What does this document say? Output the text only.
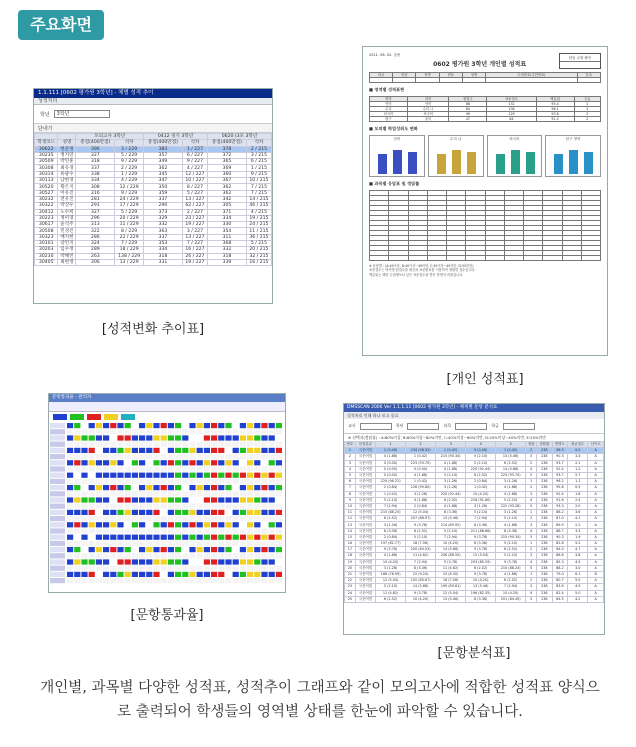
주요화면
1.1.111 [0602 평가원 3학년] - 체별 성적 추이
성적처리
학년	3학년
단내기
		모의고사 3학년		0412 경기 3학년		0620 (3모 3학년	
학생코드	성명	총점(400만점)	석차	총점(400만점)	석차	총점(400만점)	석차
30622	현준정	396	3 / 229	383	1 / 227	378	2 / 215
30235	정지연	327	5 / 229	357	6 / 227	372	3 / 215
30509	박민훈	318	9 / 229	349	9 / 227	365	6 / 215
30308	최유경	337	2 / 229	362	4 / 227	369	1 / 215
30314	류광수	338	1 / 229	345	12 / 227	360	9 / 215
30113	남현경	334	4 / 229	347	10 / 227	367	10 / 215
30520	황은지	308	12 / 229	350	8 / 227	362	7 / 215
30527	이유진	316	9 / 229	359	5 / 227	362	7 / 215
30232	전유진	281	24 / 229	337	13 / 227	342	14 / 215
30322	박진우	291	17 / 229	290	62 / 227	305	46 / 215
30412	노수희	327	5 / 229	373	2 / 227	371	4 / 215
30223	정미경	296	20 / 229	329	23 / 227	334	19 / 215
30617	윤석주	313	11 / 229	332	19 / 227	330	24 / 215
30508	민경진	322	8 / 229	363	3 / 227	354	11 / 215
30323	배지현	286	22 / 229	337	13 / 227	311	36 / 215
30101	강민지	324	7 / 229	353	7 / 227	368	5 / 215
30203	임수정	289	18 / 229	334	16 / 227	332	20 / 215
30230	박혜빈	263	138 / 229	318	26 / 227	318	32 / 215
30405	최현정	306	13 / 229	331	19 / 227	339	16 / 215
[성적변화 추이표]
2011. 06. 02. 상중
0602 평가원 3학년 개인별 성적표
담임 교장 확인
학교	학년	학반	번호	성명	수험번호(주민번호)	본호

■ 영역별 성적표현
영역	과목	원점수	표준점수	백분위	등급
언어	언어	88	132	95.4	2
수리	수리 나	84	138	96.1	2
외국어	외국어	90	129	93.8	2
탐구	윤리	47	64	91.2	2
■ 모의별 학업성취도 변화
언어	수리 나	외국어	탐구 영역
■ 과목별 응답표 및 정답률

※ 문항별 : (A:49이상, B:40이상~49미만, C:30이상~40미만, D:30미만)
표준점수는 영역별 원점수를 평균과 표준편차를 이용하여 변환한 점수입니다.
백분위는 해당 수험생보다 낮은 표준점수를 받은 학생의 비율입니다.
[개인 성적표]
문항통과율 - 관리자
[문항통과율]
DMSSCAN 2006 Ver 1.1.1.11 [0602 평가원 3학년] - 체계별 문항 분석표
성적처리 인쇄 하나 보고 종료
교사	학년	과목	학급
※ 선택지(정답률) : A:80%이상, B:60%이상~80%미만, C:40%이상~60%미만, D:20%이상~40%미만, E:20%미만
번호	문항분류	1	2	3	4	5	정답	정답률	변별도	평균점수	난이도
1	국문어법	2 (0.46)	234 (98.32)	1 (0.42)	0 (0.00)	1 (0.42)	2	238	98.3	0.0	A
2	국문어법	4 (1.68)	1 (0.42)	215 (90.34)	5 (2.10)	13 (5.46)	3	238	90.3	3.4	A
3	국문어법	0 (0.00)	223 (93.70)	4 (1.68)	5 (2.10)	6 (2.52)	2	238	93.7	2.1	A
4	국문어법	0 (0.00)	0 (0.00)	4 (1.68)	220 (92.44)	14 (5.88)	4	238	92.4	1.2	A
5	국문어법	0 (0.00)	4 (1.68)	5 (2.10)	6 (2.52)	223 (93.70)	5	238	93.7	2.7	A
6	국문어법	229 (96.22)	1 (0.42)	3 (1.26)	2 (0.84)	3 (1.26)	1	238	96.2	1.1	A
7	국문어법	2 (0.84)	228 (95.80)	3 (1.26)	1 (0.42)	4 (1.68)	2	238	95.8	0.9	A
8	국문어법	1 (0.42)	3 (1.26)	220 (92.44)	10 (4.20)	4 (1.68)	3	238	92.4	1.8	A
9	국문어법	5 (2.10)	4 (1.68)	6 (2.52)	218 (91.60)	5 (2.10)	4	238	91.6	2.4	A
10	국문어법	7 (2.94)	2 (0.84)	4 (1.68)	3 (1.26)	222 (93.28)	5	238	93.3	2.0	A
11	국문어법	210 (88.24)	12 (5.04)	8 (3.36)	5 (2.10)	3 (1.26)	1	238	88.2	3.6	A
12	국문어법	6 (2.52)	207 (86.97)	13 (5.46)	7 (2.94)	5 (2.10)	2	238	87.0	4.1	A
13	국문어법	3 (1.26)	9 (3.78)	214 (89.92)	8 (3.36)	4 (1.68)	3	238	89.9	2.2	A
14	국문어법	8 (3.36)	6 (2.52)	5 (2.10)	211 (88.66)	8 (3.36)	4	238	88.7	3.3	A
15	국문어법	2 (0.84)	5 (2.10)	7 (2.94)	9 (3.78)	215 (90.34)	5	238	90.3	1.9	A
16	국문어법	197 (82.77)	18 (7.56)	10 (4.20)	8 (3.36)	5 (2.10)	1	238	82.8	5.2	A
17	국문어법	9 (3.78)	200 (84.03)	14 (5.88)	9 (3.78)	6 (2.52)	2	238	84.0	4.7	A
18	국문어법	4 (1.68)	11 (4.62)	206 (86.55)	12 (5.04)	5 (2.10)	3	238	86.6	3.8	A
19	국문어법	10 (4.20)	7 (2.94)	9 (3.78)	203 (85.29)	9 (3.78)	4	238	85.3	4.4	A
20	국문어법	3 (1.26)	8 (3.36)	11 (4.62)	6 (2.52)	210 (88.24)	5	238	88.2	3.0	A
21	국문어법	188 (78.99)	22 (9.24)	15 (6.30)	9 (3.78)	4 (1.68)	1	238	79.0	6.1	B
22	국문어법	12 (5.04)	192 (80.67)	18 (7.56)	10 (4.20)	6 (2.52)	2	238	80.7	5.5	A
23	국문어법	5 (2.10)	14 (5.88)	199 (83.61)	13 (5.46)	7 (2.94)	3	238	83.6	4.9	A
24	국문어법	11 (4.62)	9 (3.78)	12 (5.04)	196 (82.35)	10 (4.20)	4	238	82.4	5.0	A
25	국문어법	6 (2.52)	10 (4.20)	13 (5.46)	8 (3.36)	201 (84.45)	5	238	84.5	4.2	A
[문항분석표]
개인별, 과목별 다양한 성적표, 성적추이 그래프와 같이 모의고사에 적합한 성적표 양식으로 출력되어 학생들의 영역별 상태를 한눈에 파악할 수 있습니다.
